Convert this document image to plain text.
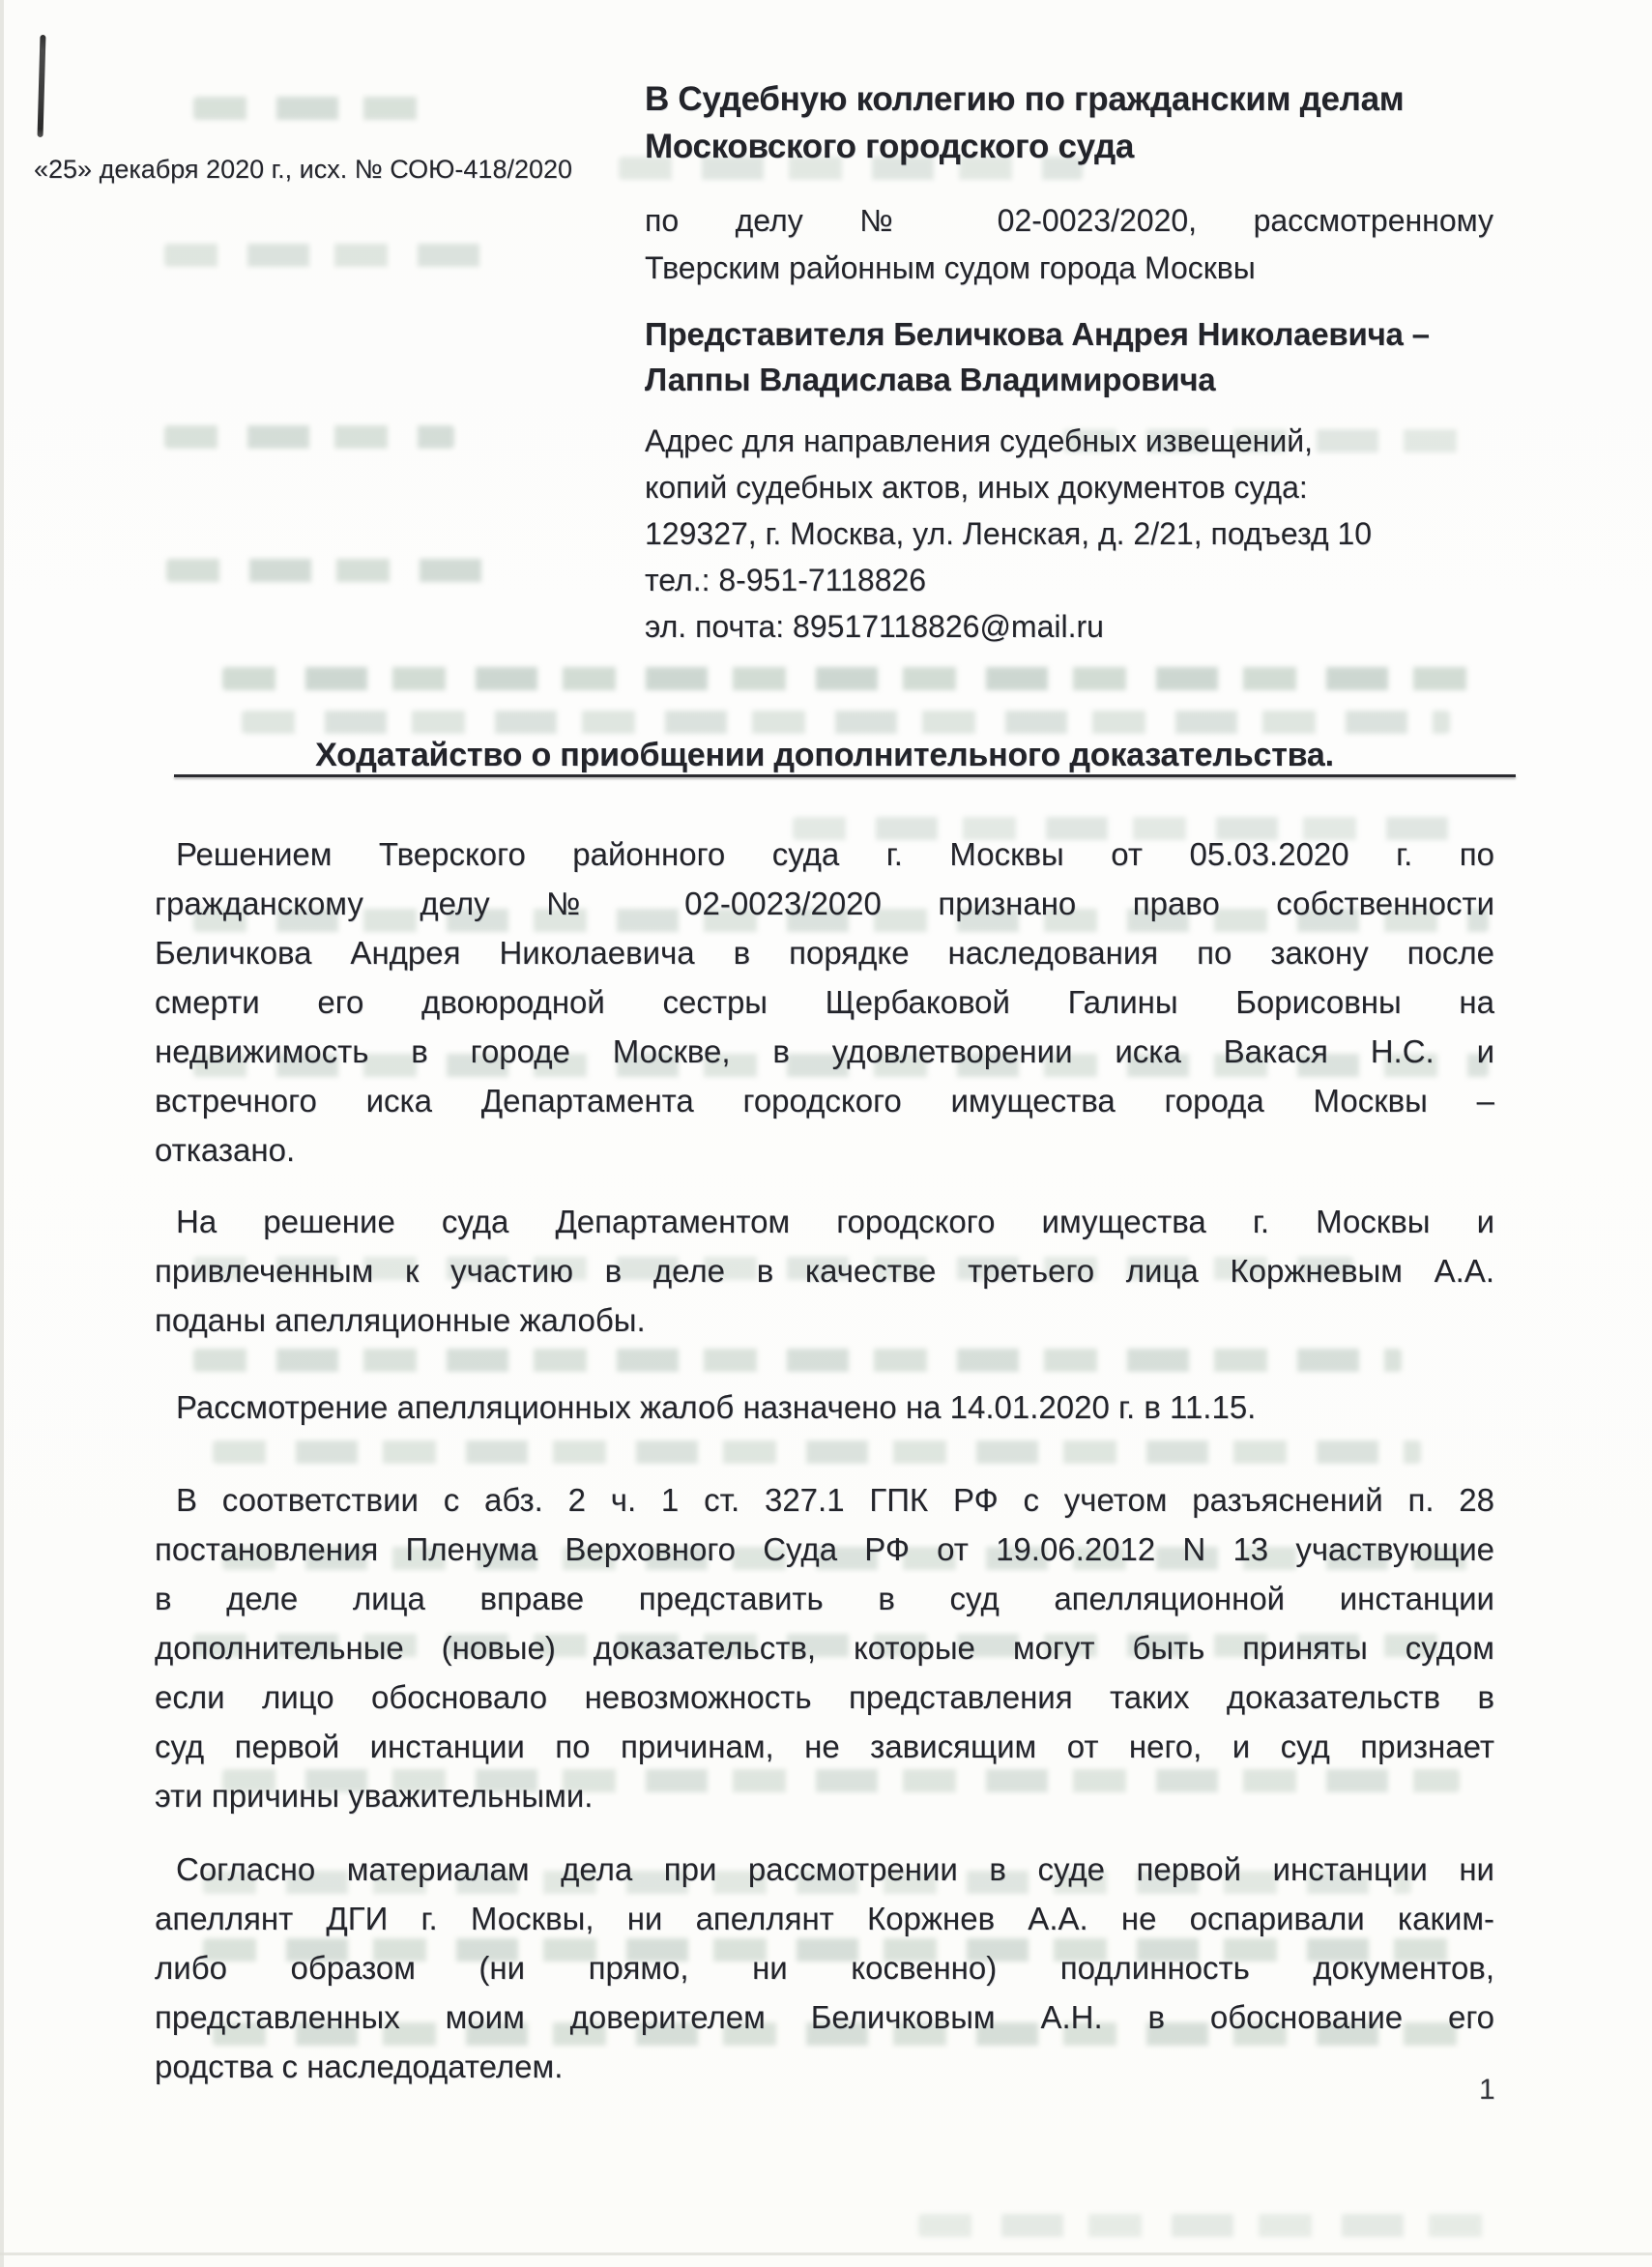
«25» декабря 2020 г., исх. № СОЮ-418/2020
В Судебную коллегию по гражданским делам
Московского городского суда
по делу № 02-0023/2020, рассмотренному
Тверским районным судом города Москвы
Представителя Беличкова Андрея Николаевича –
Лаппы Владислава Владимировича
Адрес для направления судебных извещений,
копий судебных актов, иных документов суда:
129327, г. Москва, ул. Ленская, д. 2/21, подъезд 10
тел.: 8-951-7118826
эл. почта: 89517118826@mail.ru
Ходатайство о приобщении дополнительного доказательства.
Решением Тверского районного суда г. Москвы от 05.03.2020 г. по
гражданскому делу № 02-0023/2020 признано право собственности
Беличкова Андрея Николаевича в порядке наследования по закону после
смерти его двоюродной сестры Щербаковой Галины Борисовны на
недвижимость в городе Москве, в удовлетворении иска Вакася Н.С. и
встречного иска Департамента городского имущества города Москвы –
отказано.
На решение суда Департаментом городского имущества г. Москвы и
привлеченным к участию в деле в качестве третьего лица Коржневым А.А.
поданы апелляционные жалобы.
Рассмотрение апелляционных жалоб назначено на 14.01.2020 г. в 11.15.
В соответствии с абз. 2 ч. 1 ст. 327.1 ГПК РФ с учетом разъяснений п. 28
постановления Пленума Верховного Суда РФ от 19.06.2012 N 13 участвующие
в деле лица вправе представить в суд апелляционной инстанции
дополнительные (новые) доказательств, которые могут быть приняты судом
если лицо обосновало невозможность представления таких доказательств в
суд первой инстанции по причинам, не зависящим от него, и суд признает
эти причины уважительными.
Согласно материалам дела при рассмотрении в суде первой инстанции ни
апеллянт ДГИ г. Москвы, ни апеллянт Коржнев А.А. не оспаривали каким-
либо образом (ни прямо, ни косвенно) подлинность документов,
представленных моим доверителем Беличковым А.Н. в обоснование его
родства с наследодателем.
1
